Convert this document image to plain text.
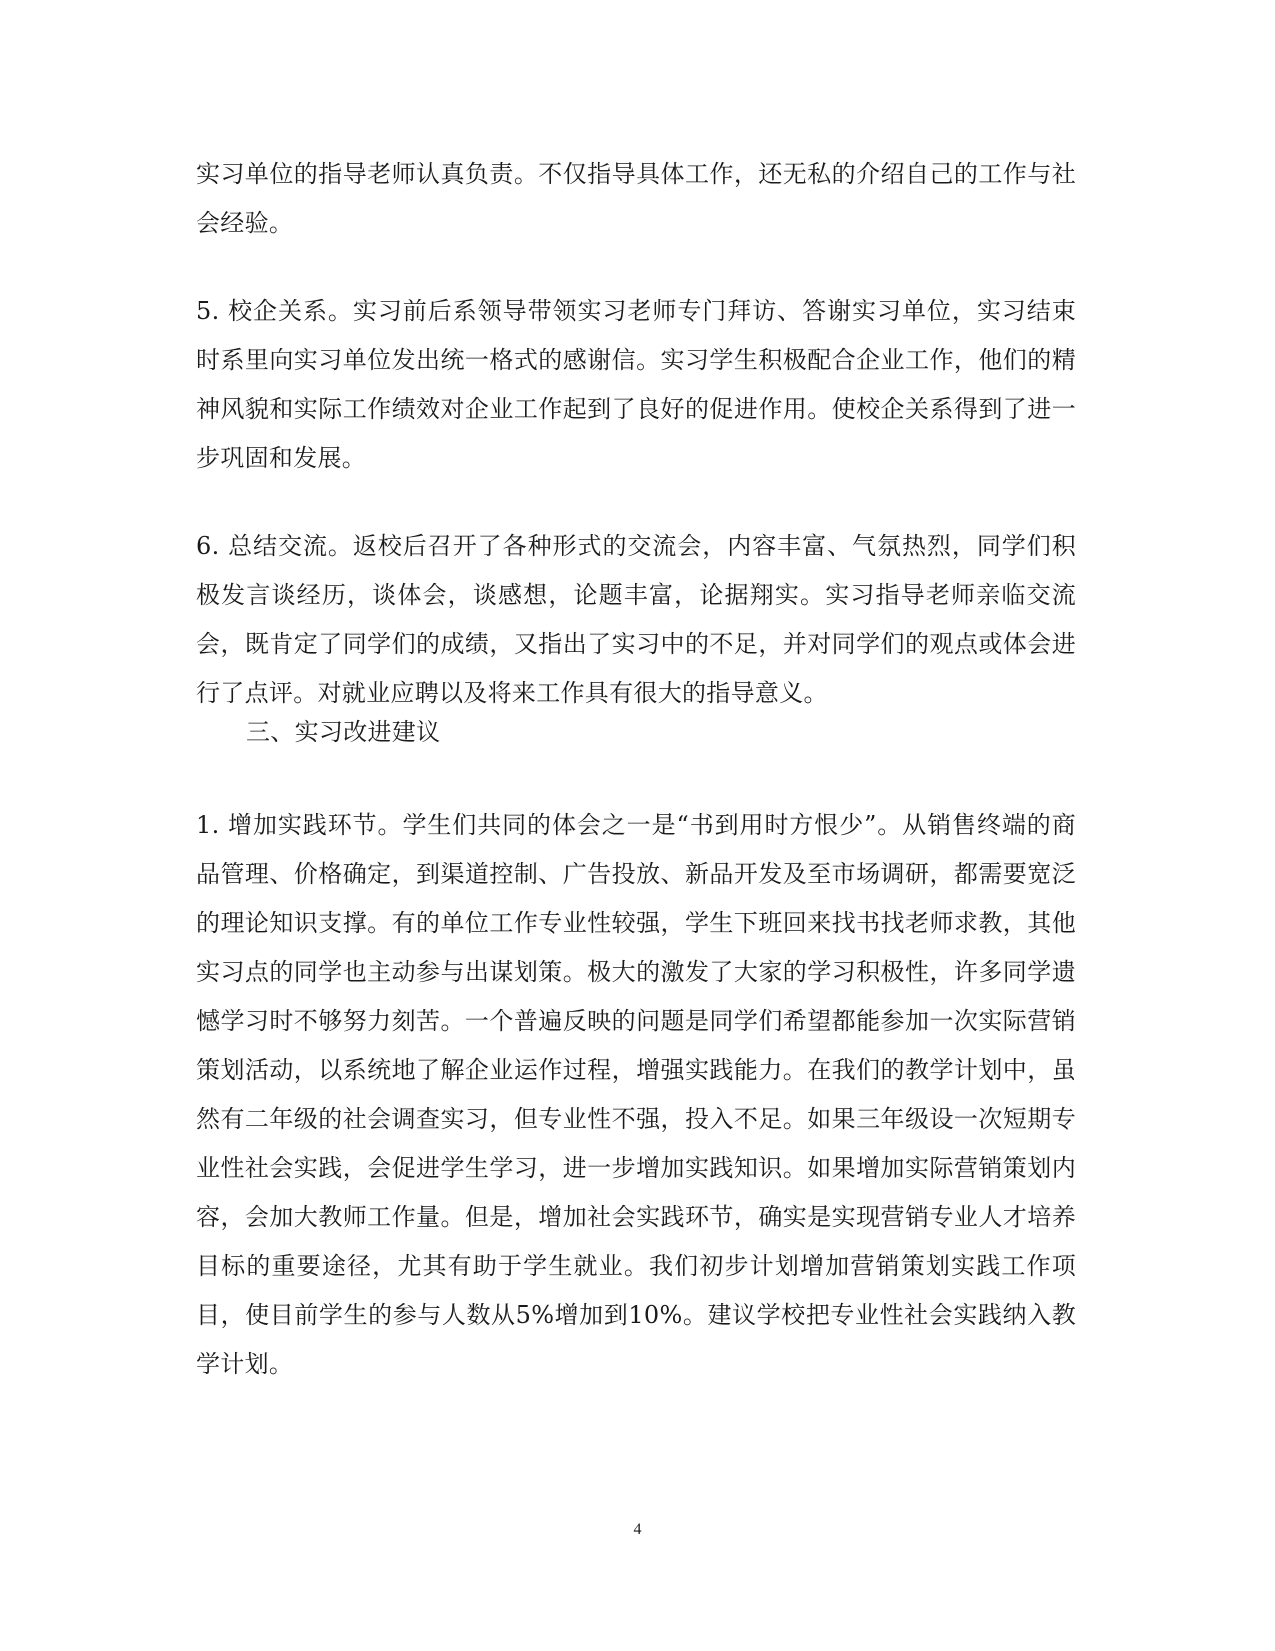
实习单位的指导老师认真负责。不仅指导具体工作，还无私的介绍自己的工作与社会经验。

5. 校企关系。实习前后系领导带领实习老师专门拜访、答谢实习单位，实习结束时系里向实习单位发出统一格式的感谢信。实习学生积极配合企业工作，他们的精神风貌和实际工作绩效对企业工作起到了良好的促进作用。使校企关系得到了进一步巩固和发展。

6. 总结交流。返校后召开了各种形式的交流会，内容丰富、气氛热烈，同学们积极发言谈经历，谈体会，谈感想，论题丰富，论据翔实。实习指导老师亲临交流会，既肯定了同学们的成绩，又指出了实习中的不足，并对同学们的观点或体会进行了点评。对就业应聘以及将来工作具有很大的指导意义。

三、实习改进建议

1. 增加实践环节。学生们共同的体会之一是“书到用时方恨少”。从销售终端的商品管理、价格确定，到渠道控制、广告投放、新品开发及至市场调研，都需要宽泛的理论知识支撑。有的单位工作专业性较强，学生下班回来找书找老师求教，其他实习点的同学也主动参与出谋划策。极大的激发了大家的学习积极性，许多同学遗憾学习时不够努力刻苦。一个普遍反映的问题是同学们希望都能参加一次实际营销策划活动，以系统地了解企业运作过程，增强实践能力。在我们的教学计划中，虽然有二年级的社会调查实习，但专业性不强，投入不足。如果三年级设一次短期专业性社会实践，会促进学生学习，进一步增加实践知识。如果增加实际营销策划内容，会加大教师工作量。但是，增加社会实践环节，确实是实现营销专业人才培养目标的重要途径，尤其有助于学生就业。我们初步计划增加营销策划实践工作项目，使目前学生的参与人数从5%增加到10%。建议学校把专业性社会实践纳入教学计划。

4
